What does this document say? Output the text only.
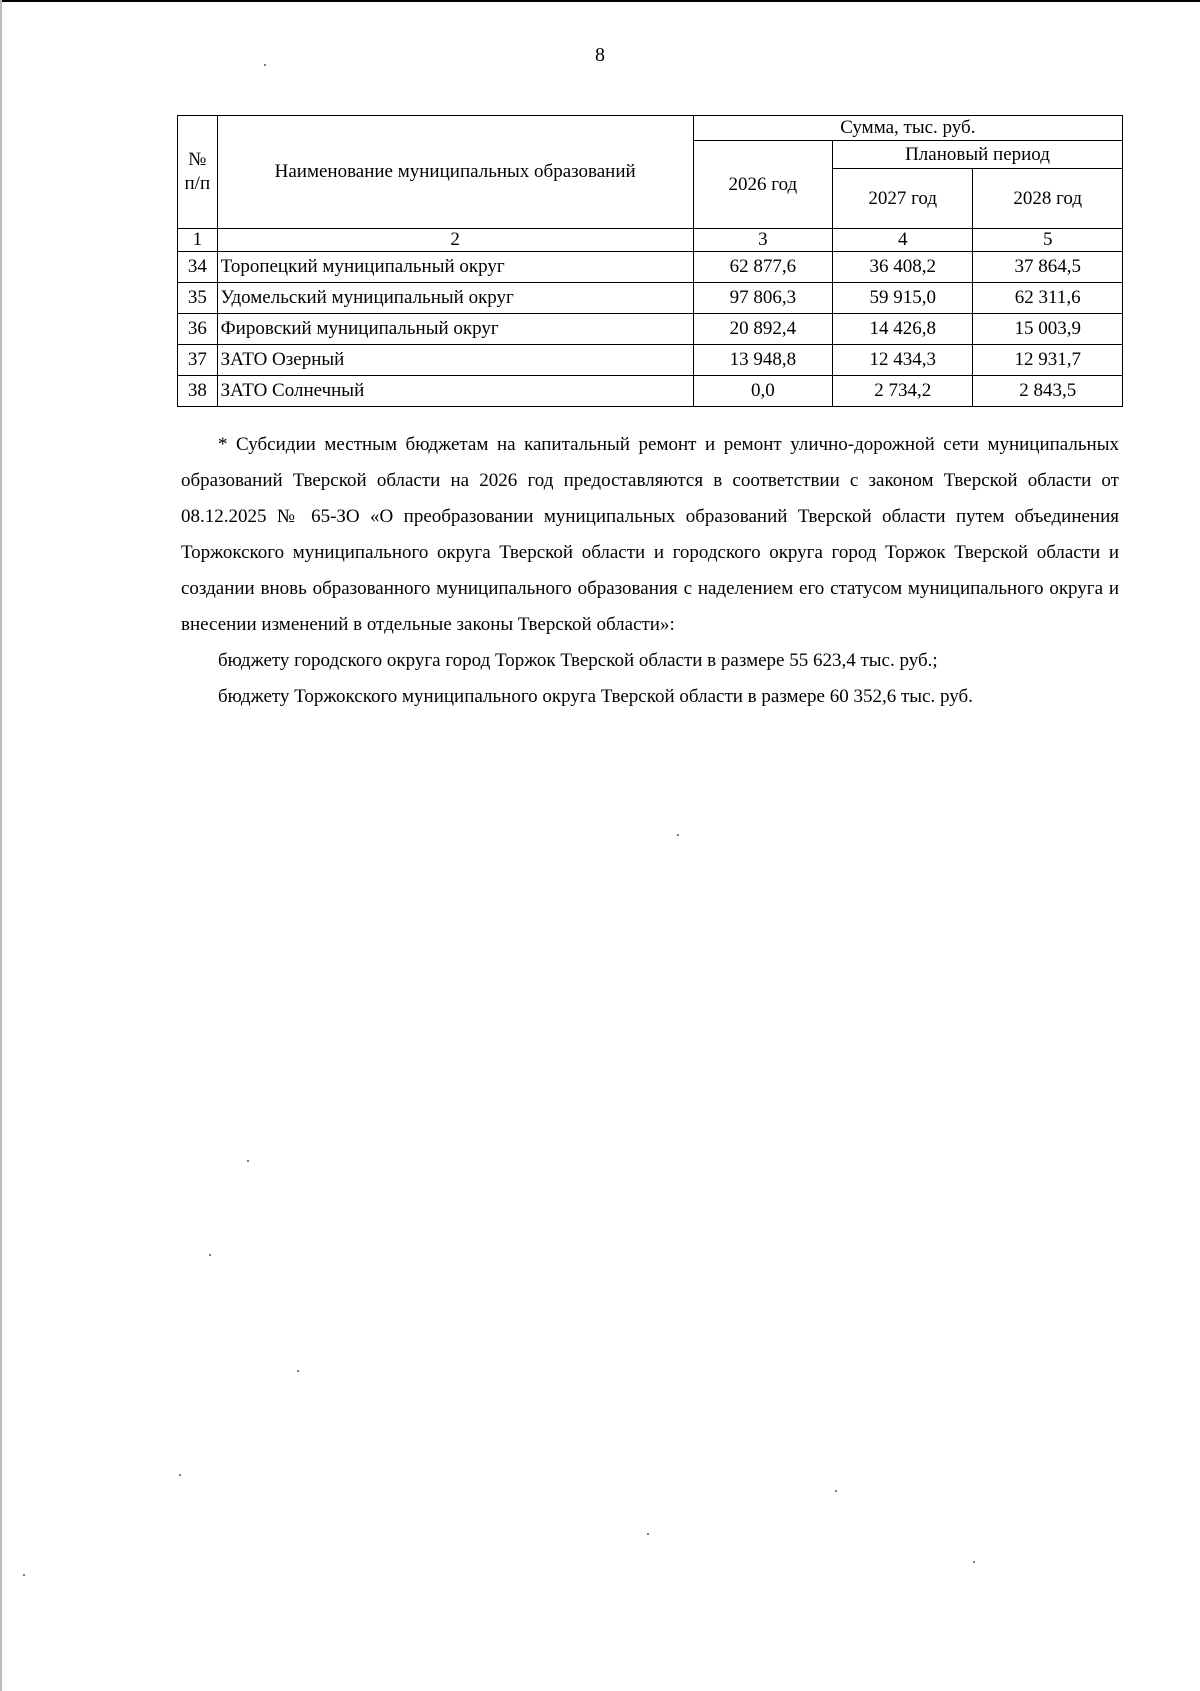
8
№ п/п	Наименование муниципальных образований	Сумма, тыс. руб.		
		2026 год	Плановый период	
			2027 год	2028 год
1	2	3	4	5
34	Торопецкий муниципальный округ	62 877,6	36 408,2	37 864,5
35	Удомельский муниципальный округ	97 806,3	59 915,0	62 311,6
36	Фировский муниципальный округ	20 892,4	14 426,8	15 003,9
37	ЗАТО Озерный	13 948,8	12 434,3	12 931,7
38	ЗАТО Солнечный	0,0	2 734,2	2 843,5

* Субсидии местным бюджетам на капитальный ремонт и ремонт улично-дорожной сети муниципальных образований Тверской области на 2026 год предоставляются в соответствии с законом Тверской области от 08.12.2025 № 65-ЗО «О преобразовании муниципальных образований Тверской области путем объединения Торжокского муниципального округа Тверской области и городского округа город Торжок Тверской области и создании вновь образованного муниципального образования с наделением его статусом муниципального округа и внесении изменений в отдельные законы Тверской области»:

бюджету городского округа город Торжок Тверской области в размере 55 623,4 тыс. руб.;

бюджету Торжокского муниципального округа Тверской области в размере 60 352,6 тыс. руб.
